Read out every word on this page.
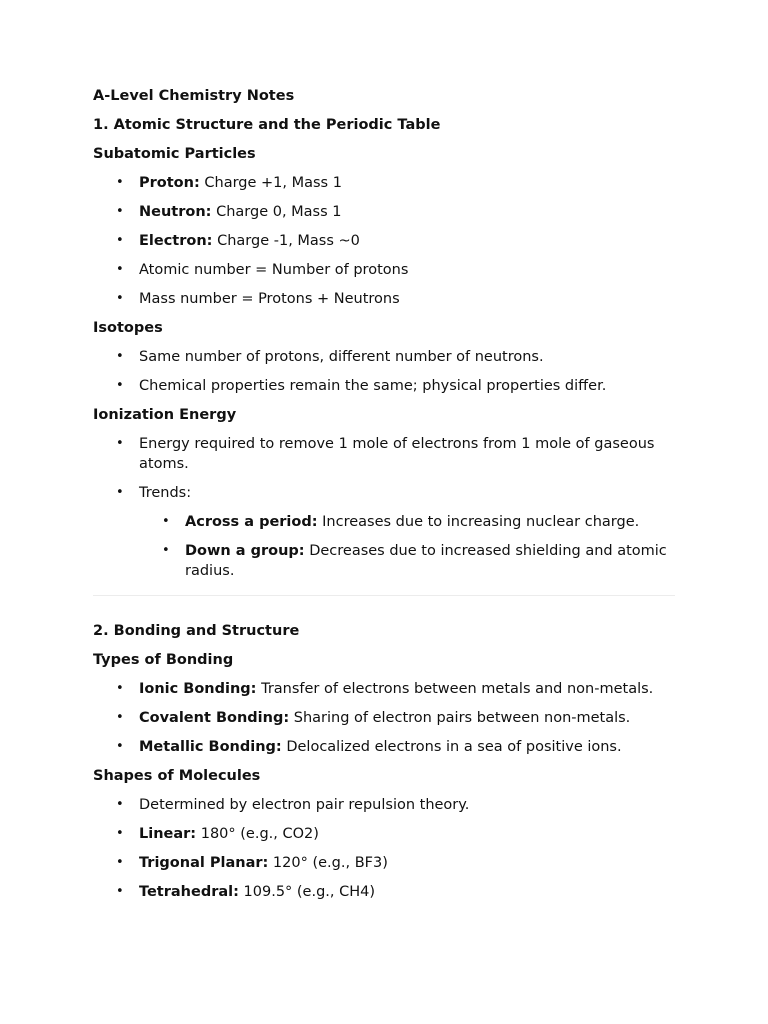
A-Level Chemistry Notes
1. Atomic Structure and the Periodic Table
Subatomic Particles
• Proton: Charge +1, Mass 1
• Neutron: Charge 0, Mass 1
• Electron: Charge -1, Mass ~0
• Atomic number = Number of protons
• Mass number = Protons + Neutrons
Isotopes
• Same number of protons, different number of neutrons.
• Chemical properties remain the same; physical properties differ.
Ionization Energy
• Energy required to remove 1 mole of electrons from 1 mole of gaseous atoms.
• Trends:
• Across a period: Increases due to increasing nuclear charge.
• Down a group: Decreases due to increased shielding and atomic radius.
2. Bonding and Structure
Types of Bonding
• Ionic Bonding: Transfer of electrons between metals and non-metals.
• Covalent Bonding: Sharing of electron pairs between non-metals.
• Metallic Bonding: Delocalized electrons in a sea of positive ions.
Shapes of Molecules
• Determined by electron pair repulsion theory.
• Linear: 180° (e.g., CO2)
• Trigonal Planar: 120° (e.g., BF3)
• Tetrahedral: 109.5° (e.g., CH4)
